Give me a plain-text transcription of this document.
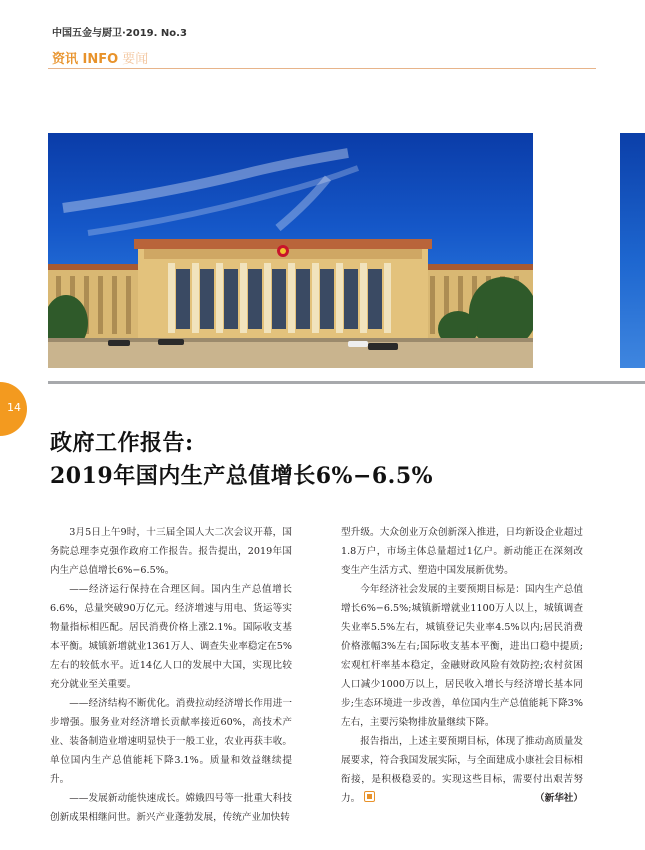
中国五金与厨卫·2019. No.3
资讯 INFO 要闻
14
政府工作报告:
2019年国内生产总值增长6%−6.5%

3月5日上午9时，十三届全国人大二次会议开幕，国务院总理李克强作政府工作报告。报告提出，2019年国内生产总值增长6%−6.5%。

——经济运行保持在合理区间。国内生产总值增长6.6%，总量突破90万亿元。经济增速与用电、货运等实物量指标相匹配。居民消费价格上涨2.1%。国际收支基本平衡。城镇新增就业1361万人、调查失业率稳定在5%左右的较低水平。近14亿人口的发展中大国，实现比较充分就业至关重要。

——经济结构不断优化。消费拉动经济增长作用进一步增强。服务业对经济增长贡献率接近60%，高技术产业、装备制造业增速明显快于一般工业，农业再获丰收。单位国内生产总值能耗下降3.1%。质量和效益继续提升。

——发展新动能快速成长。嫦娥四号等一批重大科技创新成果相继问世。新兴产业蓬勃发展，传统产业加快转

型升级。大众创业万众创新深入推进，日均新设企业超过1.8万户，市场主体总量超过1亿户。新动能正在深刻改变生产生活方式、塑造中国发展新优势。

今年经济社会发展的主要预期目标是：国内生产总值增长6%−6.5%;城镇新增就业1100万人以上，城镇调查失业率5.5%左右，城镇登记失业率4.5%以内;居民消费价格涨幅3%左右;国际收支基本平衡，进出口稳中提质;宏观杠杆率基本稳定，金融财政风险有效防控;农村贫困人口减少1000万以上，居民收入增长与经济增长基本同步;生态环境进一步改善，单位国内生产总值能耗下降3%左右，主要污染物排放量继续下降。

报告指出，上述主要预期目标，体现了推动高质量发展要求，符合我国发展实际，与全面建成小康社会目标相衔接，是积极稳妥的。实现这些目标，需要付出艰苦努力。	（新华社）
